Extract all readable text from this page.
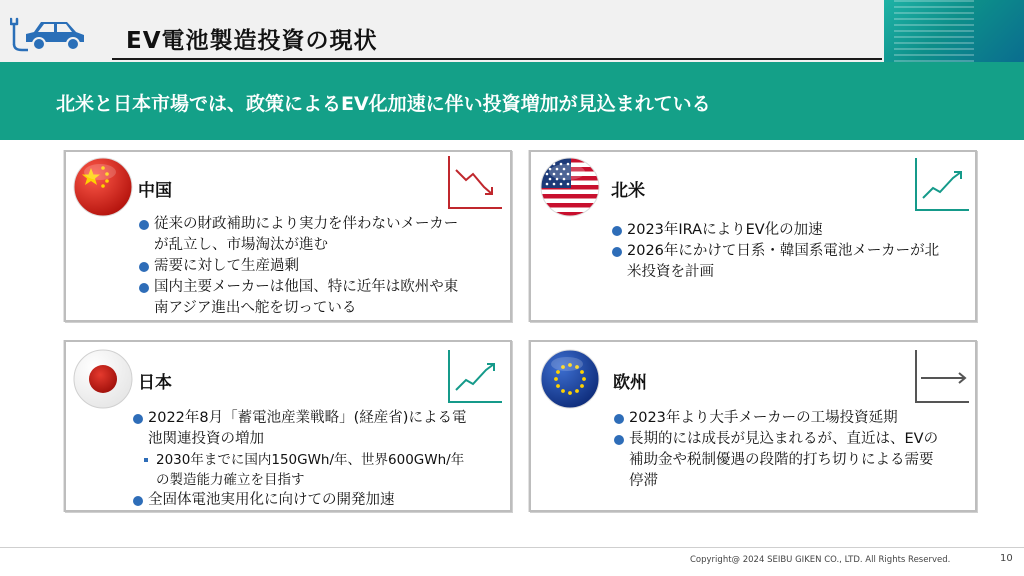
EV電池製造投資の現状
北米と日本市場では、政策によるEV化加速に伴い投資増加が見込まれている
中国
従来の財政補助により実力を伴わないメーカーが乱立し、市場淘汰が進む
需要に対して生産過剰
国内主要メーカーは他国、特に近年は欧州や東南アジア進出へ舵を切っている
北米
2023年IRAによりEV化の加速
2026年にかけて日系・韓国系電池メーカーが北米投資を計画
日本
2022年8月「蓄電池産業戦略」(経産省)による電池関連投資の増加
2030年までに国内150GWh/年、世界600GWh/年の製造能力確立を目指す
全固体電池実用化に向けての開発加速
欧州
2023年より大手メーカーの工場投資延期
長期的には成長が見込まれるが、直近は、EVの補助金や税制優遇の段階的打ち切りによる需要停滞
Copyright@ 2024 SEIBU GIKEN CO., LTD. All Rights Reserved.	10
